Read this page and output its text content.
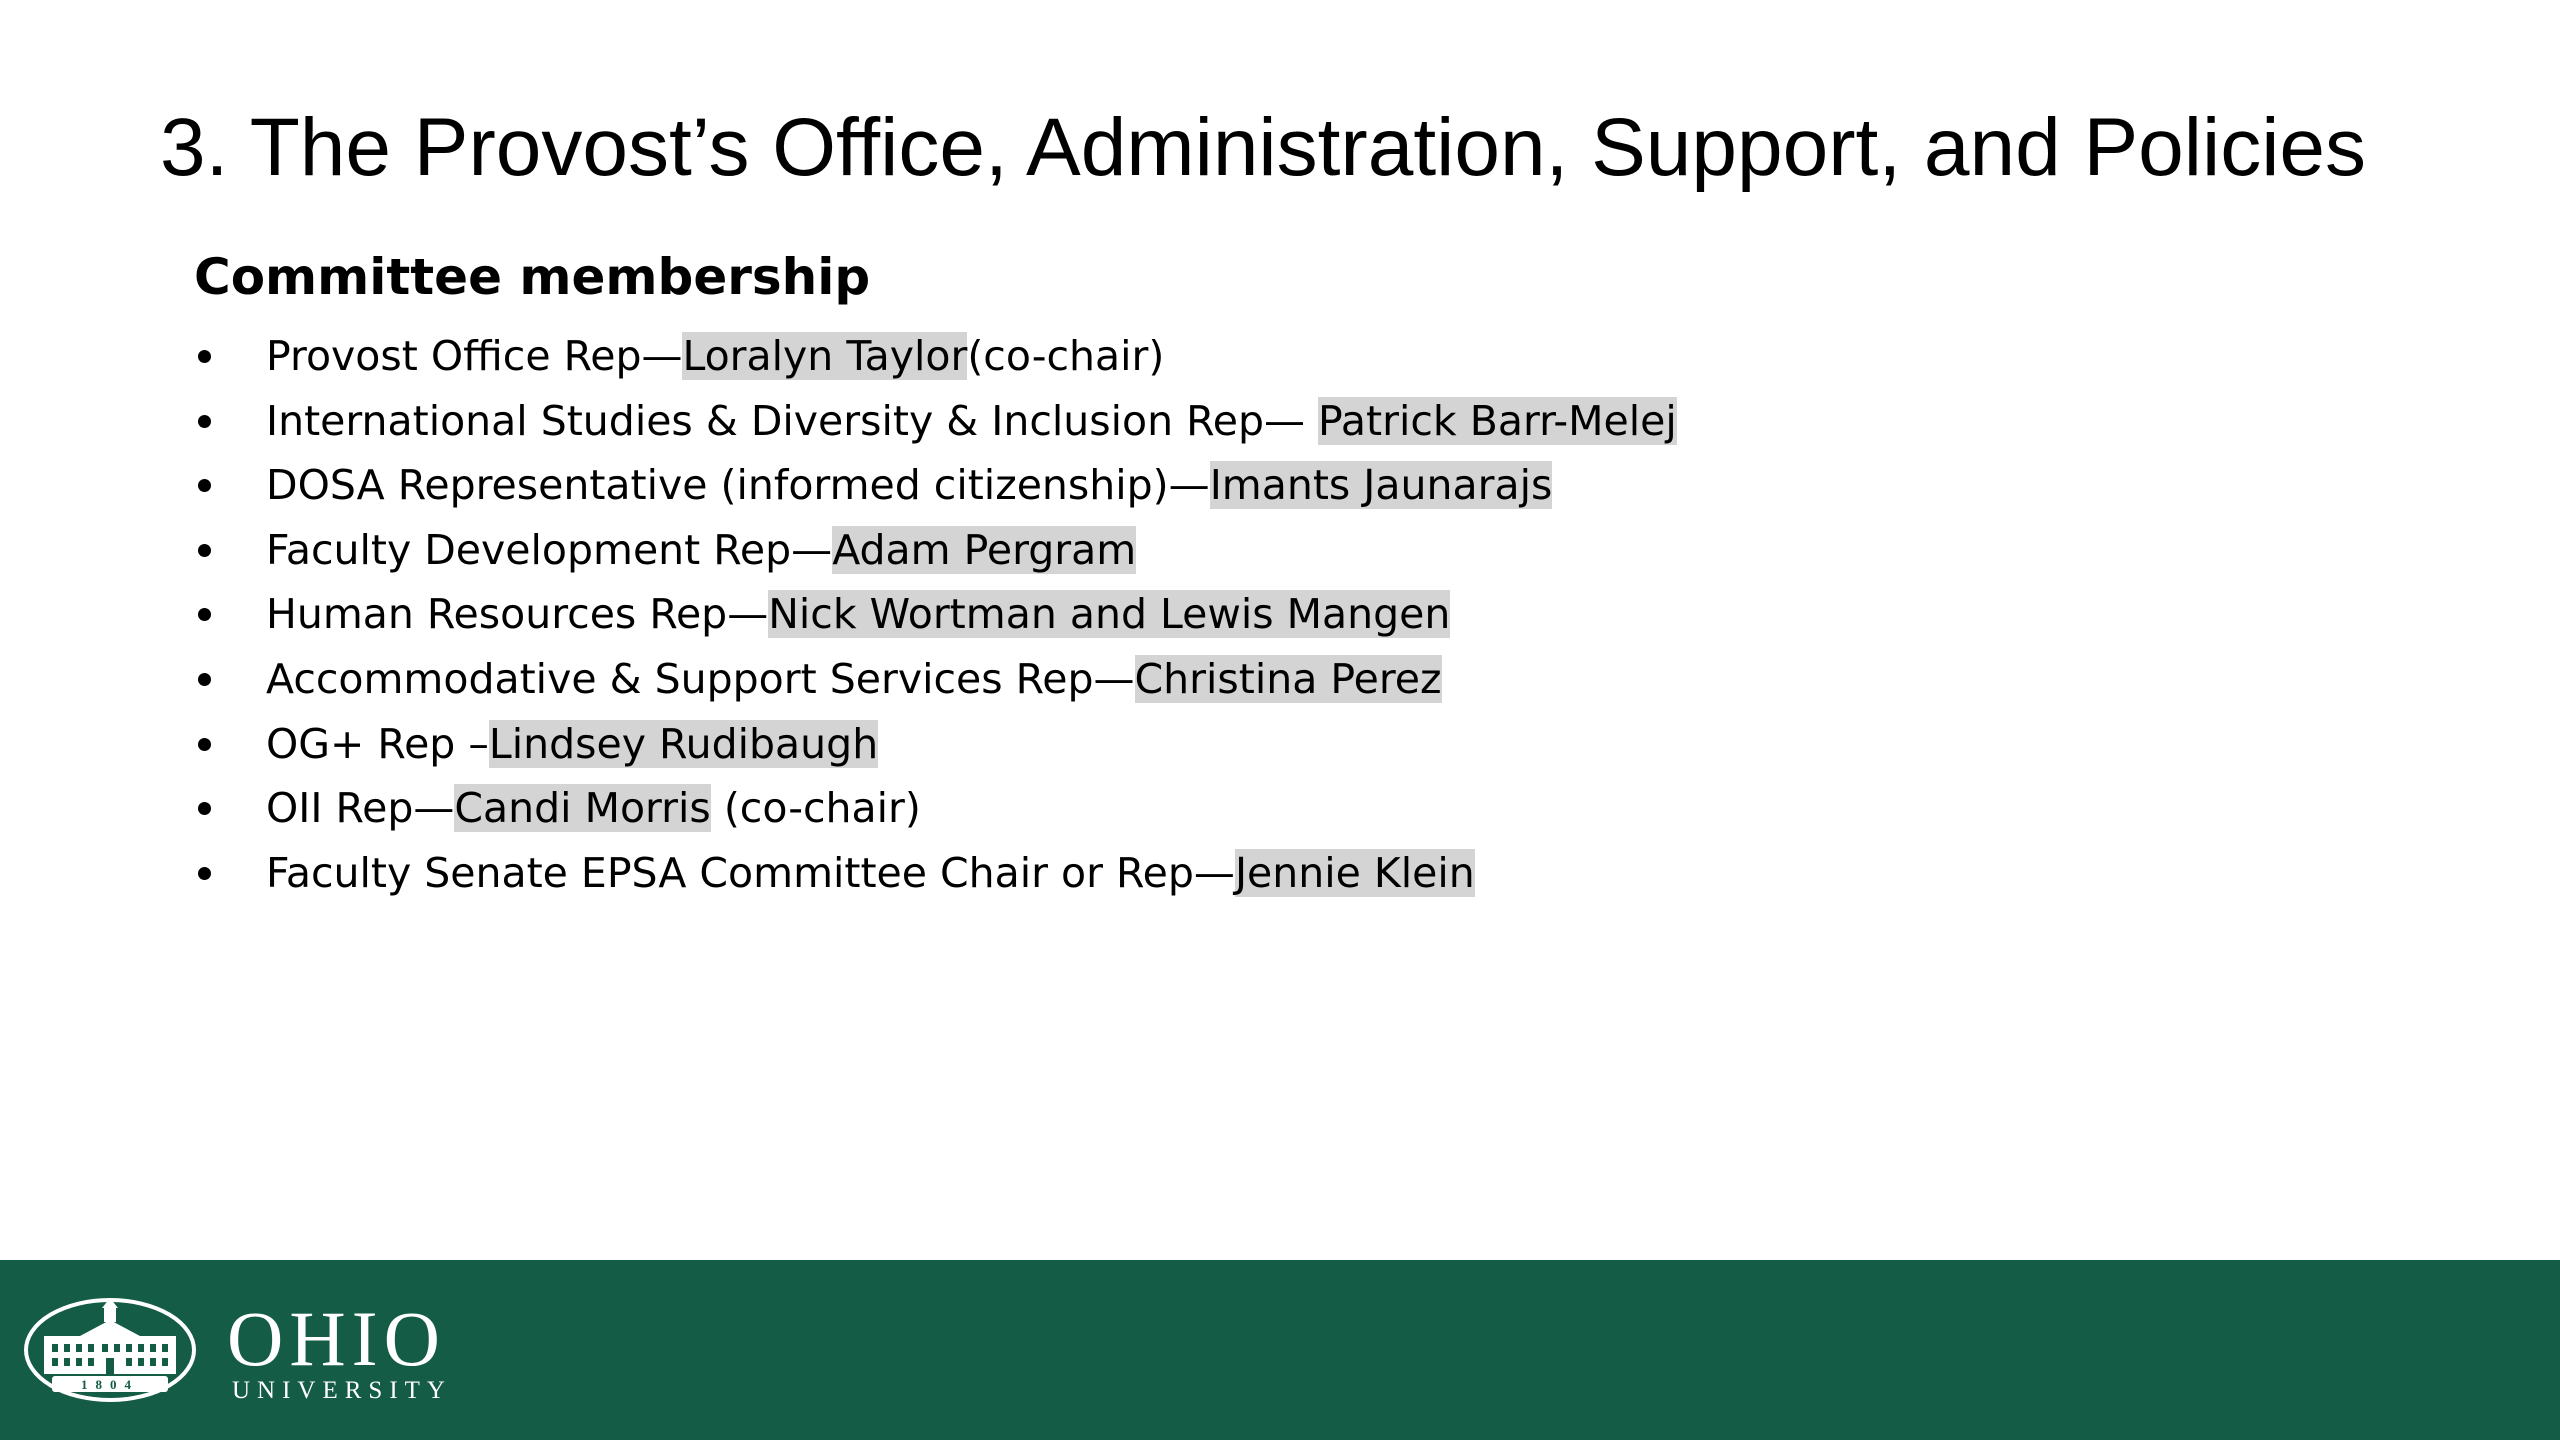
3. The Provost’s Office, Administration, Support, and Policies
Committee membership
Provost Office Rep—Loralyn Taylor(co-chair)
International Studies & Diversity & Inclusion Rep— Patrick Barr-Melej
DOSA Representative (informed citizenship)—Imants Jaunarajs
Faculty Development Rep—Adam Pergram
Human Resources Rep—Nick Wortman and Lewis Mangen
Accommodative & Support Services Rep—Christina Perez
OG+ Rep –Lindsey Rudibaugh
OII Rep—Candi Morris (co-chair)
Faculty Senate EPSA Committee Chair or Rep—Jennie Klein
1804
OHIO
UNIVERSITY
